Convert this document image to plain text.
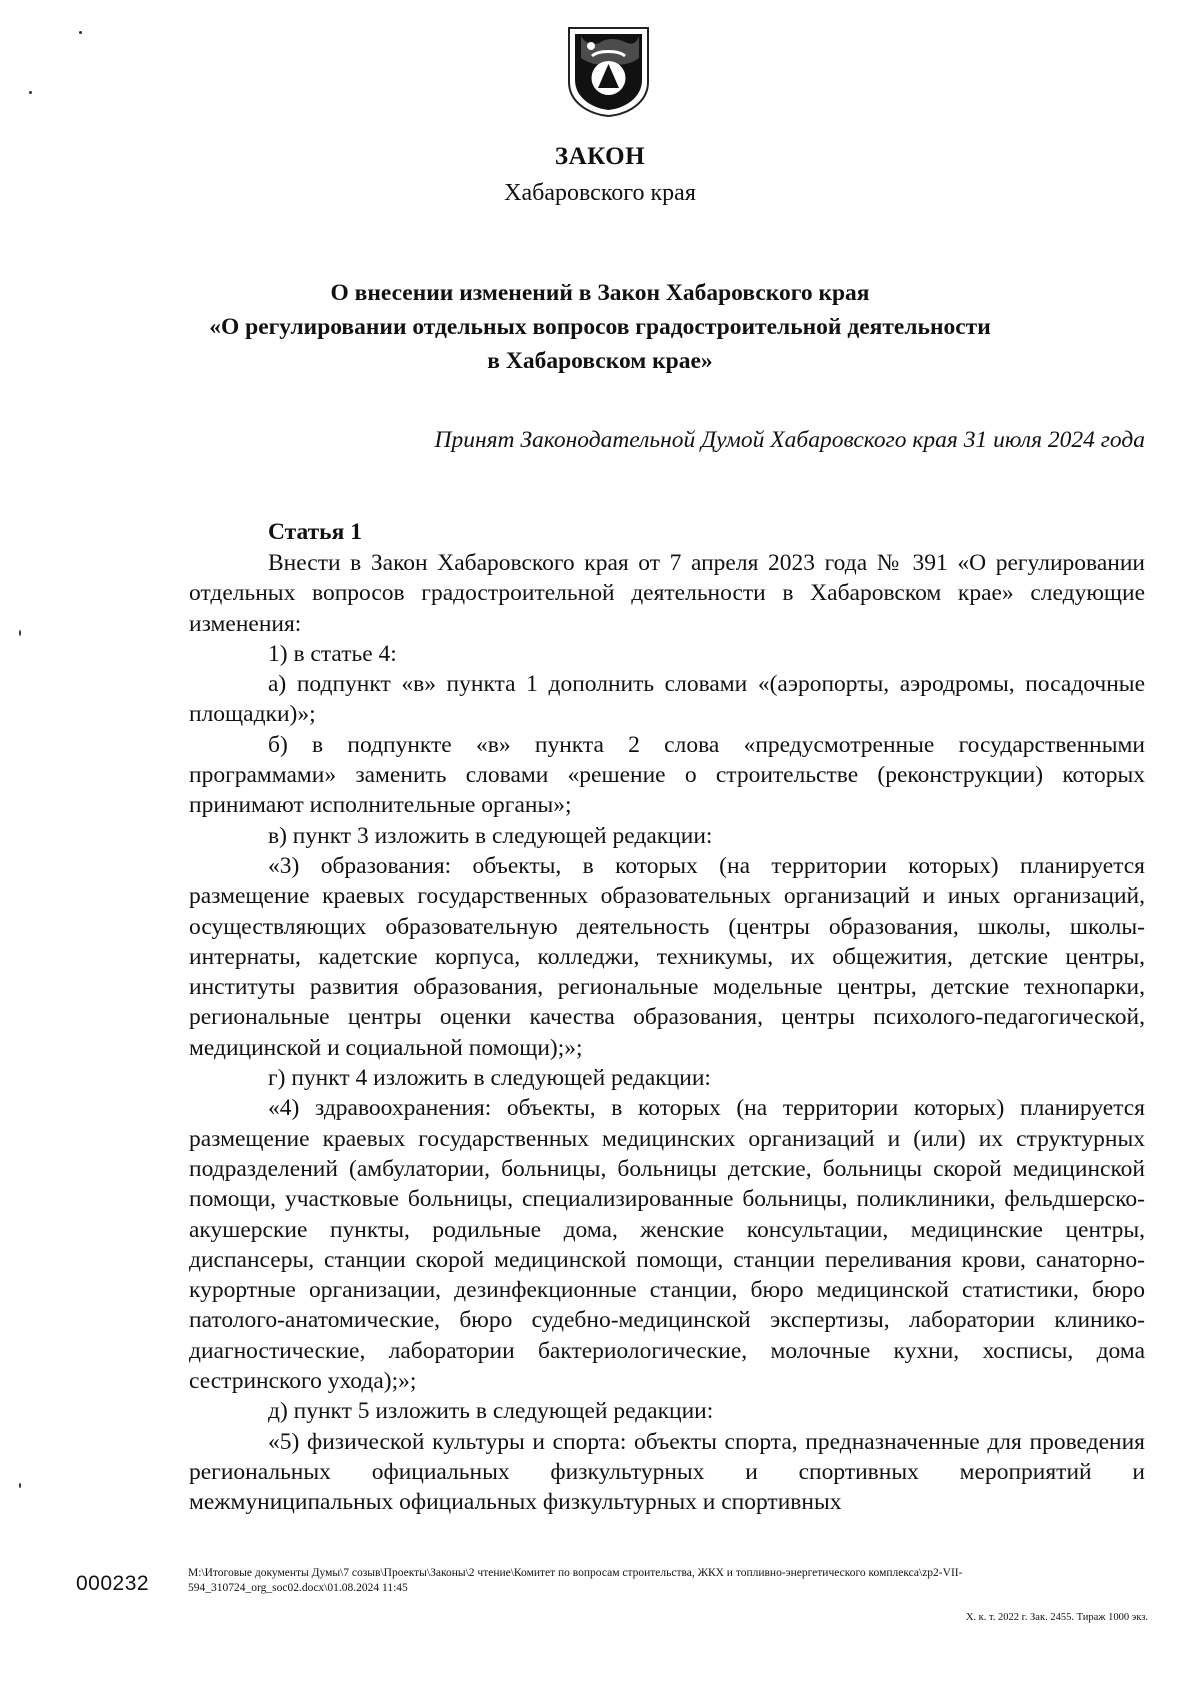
ЗАКОН
Хабаровского края
О внесении изменений в Закон Хабаровского края
«О регулировании отдельных вопросов градостроительной деятельности
в Хабаровском крае»
Принят Законодательной Думой Хабаровского края 31 июля 2024 года
Статья 1

Внести в Закон Хабаровского края от 7 апреля 2023 года № 391 «О регулировании отдельных вопросов градостроительной деятельности в Хабаровском крае» следующие изменения:

1) в статье 4:

а) подпункт «в» пункта 1 дополнить словами «(аэропорты, аэродромы, посадочные площадки)»;

б) в подпункте «в» пункта 2 слова «предусмотренные государственными программами» заменить словами «решение о строительстве (реконструкции) которых принимают исполнительные органы»;

в) пункт 3 изложить в следующей редакции:

«3) образования: объекты, в которых (на территории которых) планируется размещение краевых государственных образовательных организаций и иных организаций, осуществляющих образовательную деятельность (центры образования, школы, школы-интернаты, кадетские корпуса, колледжи, техникумы, их общежития, детские центры, институты развития образования, региональные модельные центры, детские технопарки, региональные центры оценки качества образования, центры психолого-педагогической, медицинской и социальной помощи);»;

г) пункт 4 изложить в следующей редакции:

«4) здравоохранения: объекты, в которых (на территории которых) планируется размещение краевых государственных медицинских организаций и (или) их структурных подразделений (амбулатории, больницы, больницы детские, больницы скорой медицинской помощи, участковые больницы, специализированные больницы, поликлиники, фельдшерско-акушерские пункты, родильные дома, женские консультации, медицинские центры, диспансеры, станции скорой медицинской помощи, станции переливания крови, санаторно-курортные организации, дезинфекционные станции, бюро медицинской статистики, бюро патолого-анатомические, бюро судебно-медицинской экспертизы, лаборатории клинико-диагностические, лаборатории бактериологические, молочные кухни, хосписы, дома сестринского ухода);»;

д) пункт 5 изложить в следующей редакции:

«5) физической культуры и спорта: объекты спорта, предназначенные для проведения региональных официальных физкультурных и спортивных мероприятий и межмуниципальных официальных физкультурных и спортивных

000232	M:\Итоговые документы Думы\7 созыв\Проекты\Законы\2 чтение\Комитет по вопросам строительства, ЖКХ и топливно-энергетического комплекса\zp2-VII-594_310724_org_soc02.docx\01.08.2024 11:45
Х. к. т. 2022 г. Зак. 2455. Тираж 1000 экз.
